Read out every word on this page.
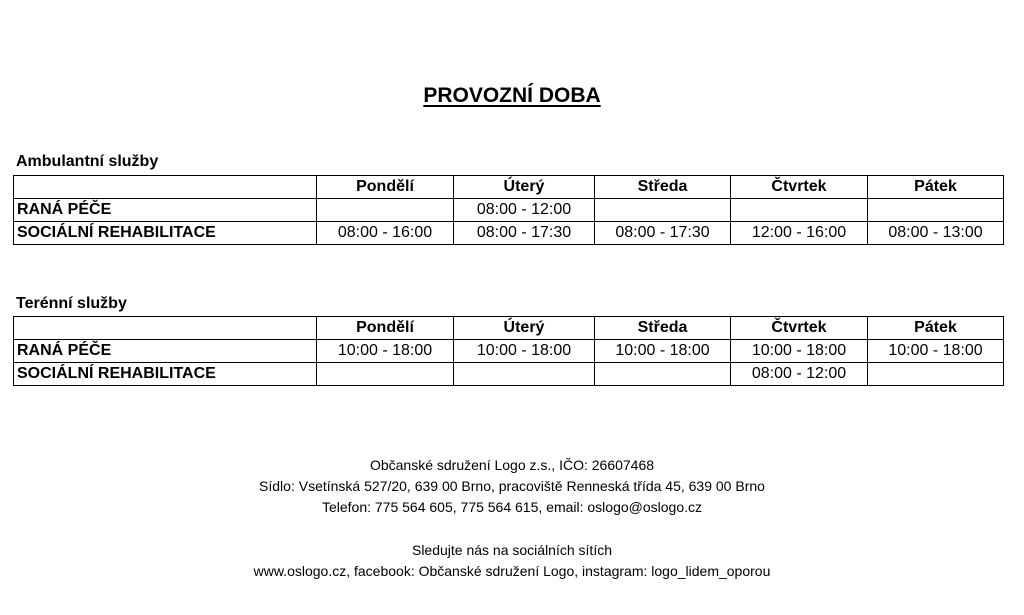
PROVOZNÍ DOBA
Ambulantní služby
	Pondělí	Úterý	Středa	Čtvrtek	Pátek
RANÁ PÉČE		08:00 - 12:00			
SOCIÁLNÍ REHABILITACE	08:00 - 16:00	08:00 - 17:30	08:00 - 17:30	12:00 - 16:00	08:00 - 13:00
Terénní služby
	Pondělí	Úterý	Středa	Čtvrtek	Pátek
RANÁ PÉČE	10:00 - 18:00	10:00 - 18:00	10:00 - 18:00	10:00 - 18:00	10:00 - 18:00
SOCIÁLNÍ REHABILITACE				08:00 - 12:00	
Občanské sdružení Logo z.s., IČO: 26607468
Sídlo: Vsetínská 527/20, 639 00 Brno, pracoviště Renneská třída 45, 639 00 Brno
Telefon: 775 564 605, 775 564 615, email: oslogo@oslogo.cz
Sledujte nás na sociálních sítích
www.oslogo.cz, facebook: Občanské sdružení Logo, instagram: logo_lidem_oporou
